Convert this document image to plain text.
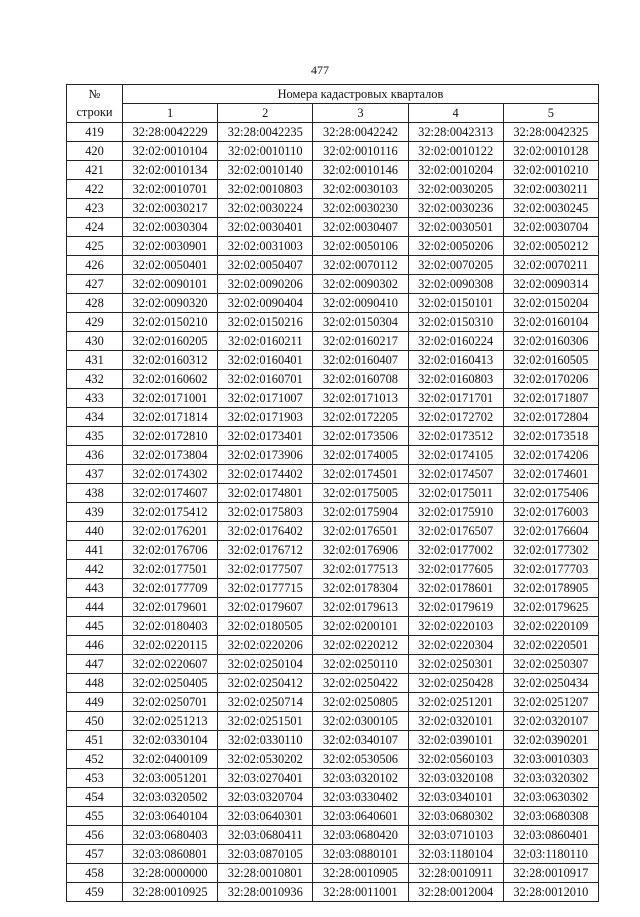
477
№	Номера кадастровых кварталов				
строки	1	2	3	4	5
419	32:28:0042229	32:28:0042235	32:28:0042242	32:28:0042313	32:28:0042325
420	32:02:0010104	32:02:0010110	32:02:0010116	32:02:0010122	32:02:0010128
421	32:02:0010134	32:02:0010140	32:02:0010146	32:02:0010204	32:02:0010210
422	32:02:0010701	32:02:0010803	32:02:0030103	32:02:0030205	32:02:0030211
423	32:02:0030217	32:02:0030224	32:02:0030230	32:02:0030236	32:02:0030245
424	32:02:0030304	32:02:0030401	32:02:0030407	32:02:0030501	32:02:0030704
425	32:02:0030901	32:02:0031003	32:02:0050106	32:02:0050206	32:02:0050212
426	32:02:0050401	32:02:0050407	32:02:0070112	32:02:0070205	32:02:0070211
427	32:02:0090101	32:02:0090206	32:02:0090302	32:02:0090308	32:02:0090314
428	32:02:0090320	32:02:0090404	32:02:0090410	32:02:0150101	32:02:0150204
429	32:02:0150210	32:02:0150216	32:02:0150304	32:02:0150310	32:02:0160104
430	32:02:0160205	32:02:0160211	32:02:0160217	32:02:0160224	32:02:0160306
431	32:02:0160312	32:02:0160401	32:02:0160407	32:02:0160413	32:02:0160505
432	32:02:0160602	32:02:0160701	32:02:0160708	32:02:0160803	32:02:0170206
433	32:02:0171001	32:02:0171007	32:02:0171013	32:02:0171701	32:02:0171807
434	32:02:0171814	32:02:0171903	32:02:0172205	32:02:0172702	32:02:0172804
435	32:02:0172810	32:02:0173401	32:02:0173506	32:02:0173512	32:02:0173518
436	32:02:0173804	32:02:0173906	32:02:0174005	32:02:0174105	32:02:0174206
437	32:02:0174302	32:02:0174402	32:02:0174501	32:02:0174507	32:02:0174601
438	32:02:0174607	32:02:0174801	32:02:0175005	32:02:0175011	32:02:0175406
439	32:02:0175412	32:02:0175803	32:02:0175904	32:02:0175910	32:02:0176003
440	32:02:0176201	32:02:0176402	32:02:0176501	32:02:0176507	32:02:0176604
441	32:02:0176706	32:02:0176712	32:02:0176906	32:02:0177002	32:02:0177302
442	32:02:0177501	32:02:0177507	32:02:0177513	32:02:0177605	32:02:0177703
443	32:02:0177709	32:02:0177715	32:02:0178304	32:02:0178601	32:02:0178905
444	32:02:0179601	32:02:0179607	32:02:0179613	32:02:0179619	32:02:0179625
445	32:02:0180403	32:02:0180505	32:02:0200101	32:02:0220103	32:02:0220109
446	32:02:0220115	32:02:0220206	32:02:0220212	32:02:0220304	32:02:0220501
447	32:02:0220607	32:02:0250104	32:02:0250110	32:02:0250301	32:02:0250307
448	32:02:0250405	32:02:0250412	32:02:0250422	32:02:0250428	32:02:0250434
449	32:02:0250701	32:02:0250714	32:02:0250805	32:02:0251201	32:02:0251207
450	32:02:0251213	32:02:0251501	32:02:0300105	32:02:0320101	32:02:0320107
451	32:02:0330104	32:02:0330110	32:02:0340107	32:02:0390101	32:02:0390201
452	32:02:0400109	32:02:0530202	32:02:0530506	32:02:0560103	32:03:0010303
453	32:03:0051201	32:03:0270401	32:03:0320102	32:03:0320108	32:03:0320302
454	32:03:0320502	32:03:0320704	32:03:0330402	32:03:0340101	32:03:0630302
455	32:03:0640104	32:03:0640301	32:03:0640601	32:03:0680302	32:03:0680308
456	32:03:0680403	32:03:0680411	32:03:0680420	32:03:0710103	32:03:0860401
457	32:03:0860801	32:03:0870105	32:03:0880101	32:03:1180104	32:03:1180110
458	32:28:0000000	32:28:0010801	32:28:0010905	32:28:0010911	32:28:0010917
459	32:28:0010925	32:28:0010936	32:28:0011001	32:28:0012004	32:28:0012010
